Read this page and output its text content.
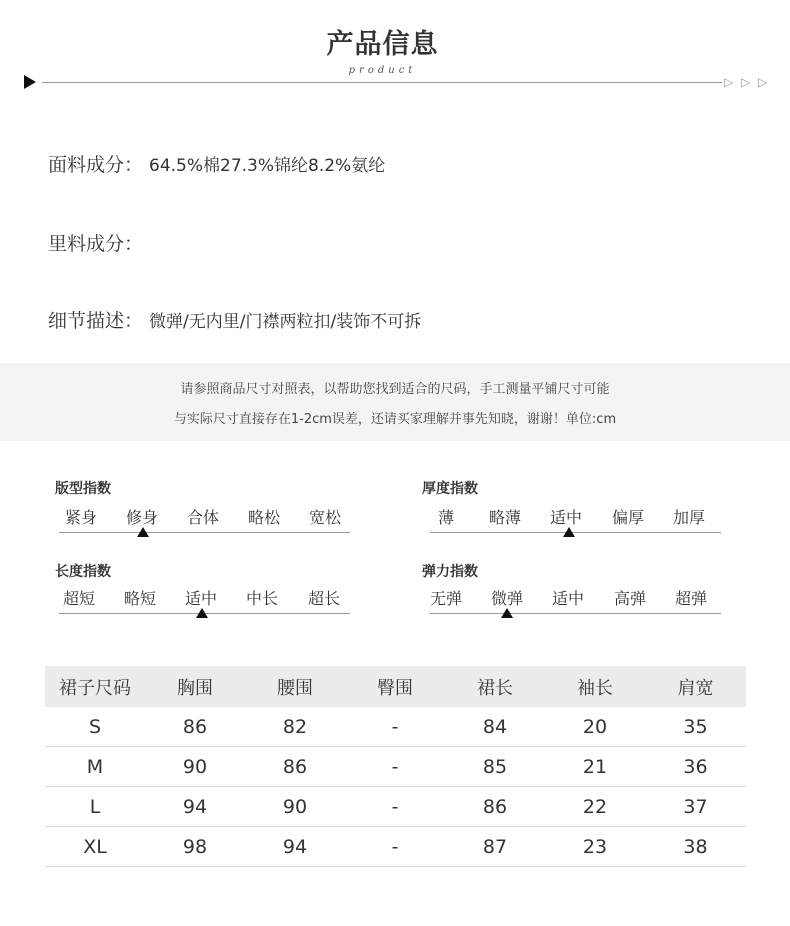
产品信息
product
▷ ▷ ▷
面料成分： 64.5%棉27.3%锦纶8.2%氨纶
里料成分：
细节描述： 微弹/无内里/门襟两粒扣/装饰不可拆
请参照商品尺寸对照表，以帮助您找到适合的尺码，手工测量平铺尺寸可能
与实际尺寸直接存在1-2cm误差，还请买家理解并事先知晓，谢谢！单位:cm
版型指数
紧身	修身	合体	略松	宽松
厚度指数
薄	略薄	适中	偏厚	加厚
长度指数
超短	略短	适中	中长	超长
弹力指数
无弹	微弹	适中	高弹	超弹
裙子尺码	胸围	腰围	臀围	裙长	袖长	肩宽
S	86	82	-	84	20	35
M	90	86	-	85	21	36
L	94	90	-	86	22	37
XL	98	94	-	87	23	38
